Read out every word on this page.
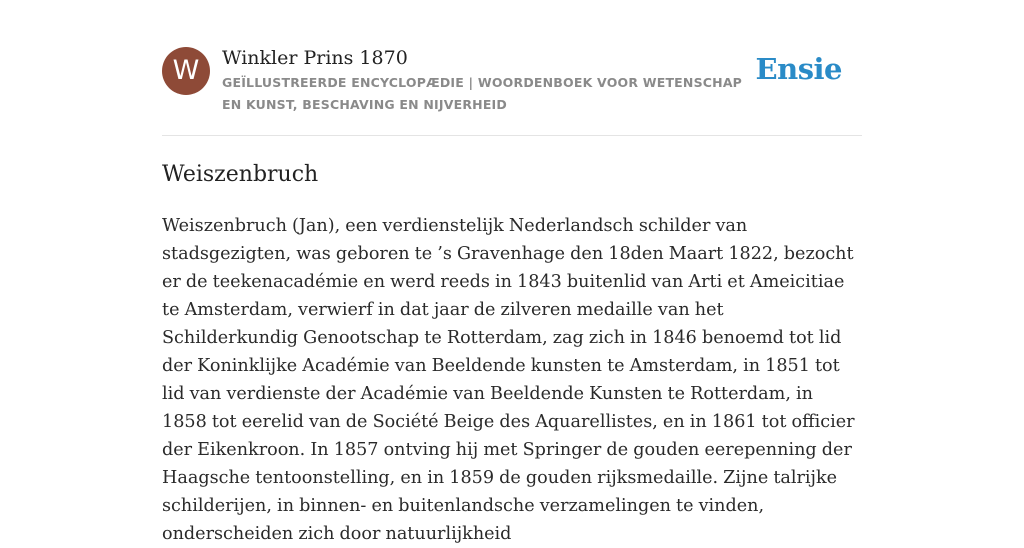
W	Winkler Prins 1870
GEÏLLUSTREERDE ENCYCLOPÆDIE | WOORDENBOEK VOOR WETENSCHAP EN KUNST, BESCHAVING EN NIJVERHEID
Ensie
Weiszenbruch

Weiszenbruch (Jan), een verdienstelijk Nederlandsch schilder van stadsgezigten, was geboren te ’s Gravenhage den 18den Maart 1822, bezocht er de teekenacadémie en werd reeds in 1843 buitenlid van Arti et Ameicitiae te Amsterdam, verwierf in dat jaar de zilveren medaille van het Schilderkundig Genootschap te Rotterdam, zag zich in 1846 benoemd tot lid der Koninklijke Académie van Beeldende kunsten te Amsterdam, in 1851 tot lid van verdienste der Académie van Beeldende Kunsten te Rotterdam, in 1858 tot eerelid van de Société Beige des Aquarellistes, en in 1861 tot officier der Eikenkroon. In 1857 ontving hij met Springer de gouden eerepenning der Haagsche tentoonstelling, en in 1859 de gouden rijksmedaille. Zijne talrijke schilderijen, in binnen- en buitenlandsche verzamelingen te vinden, onderscheiden zich door natuurlijkheid
